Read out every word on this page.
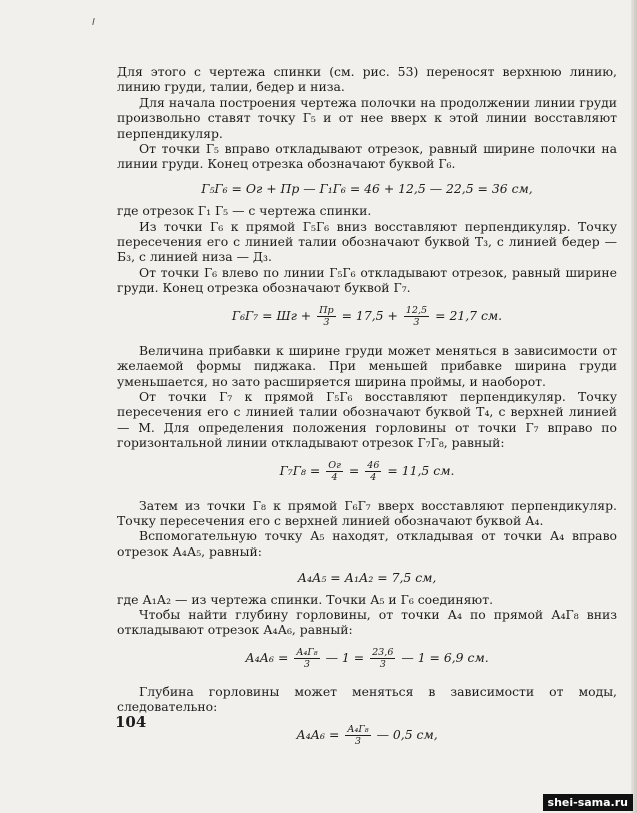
Для этого с чертежа спинки (см. рис. 53) переносят верхнюю линию, линию груди, талии, бедер и низа.

Для начала построения чертежа полочки на продолжении линии груди произвольно ставят точку Г₅ и от нее вверх к этой линии восставляют перпендикуляр.

От точки Г₅ вправо откладывают отрезок, равный ширине полочки на линии груди. Конец отрезка обозначают буквой Г₆.

Г₅Г₆ = Ог + Пр — Г₁Г₆ = 46 + 12,5 — 22,5 = 36 см,

где отрезок Г₁ Г₅ — с чертежа спинки.

Из точки Г₆ к прямой Г₅Г₆ вниз восставляют перпендикуляр. Точку пересечения его с линией талии обозначают буквой Т₃, с линией бедер — Б₃, с линией низа — Д₃.

От точки Г₆ влево по линии Г₅Г₆ откладывают отрезок, равный ширине груди. Конец отрезка обозначают буквой Г₇.

Г₆Г₇ = Шг + $\frac{Пр}{3} = 17,5 + \frac{12,5}{3} = 21,7$ см.

Величина прибавки к ширине груди может меняться в зависимости от желаемой формы пиджака. При меньшей прибавке ширина груди уменьшается, но зато расширяется ширина проймы, и наоборот.

От точки Г₇ к прямой Г₅Г₆ восставляют перпендикуляр. Точку пересечения его с линией талии обозначают буквой Т₄, с верхней линией — М. Для определения положения горловины от точки Г₇ вправо по горизонтальной линии откладывают отрезок Г₇Г₈, равный:

$Г_7Г_8 = \frac{Ог}{4} = \frac{46}{4} = 11,5$ см.

Затем из точки Г₈ к прямой Г₆Г₇ вверх восставляют перпендикуляр. Точку пересечения его с верхней линией обозначают буквой А₄.

Вспомогательную точку А₅ находят, откладывая от точки А₄ вправо отрезок А₄А₅, равный:

А₄А₅ = А₁А₂ = 7,5 см,

где А₁А₂ — из чертежа спинки. Точки А₅ и Г₆ соединяют.

Чтобы найти глубину горловины, от точки А₄ по прямой А₄Г₈ вниз откладывают отрезок А₄А₆, равный:

$А_4А_6 = \frac{\text{А₄Г₈}}{3}$ — $1 = \frac{23,6}{3}$ — 1 = 6,9 см.

Глубина горловины может меняться в зависимости от моды, следовательно:

$А_4А_6 = \frac{\text{А₄Г₈}}{3}$ — 0,5 см,
104
shei-sama.ru
